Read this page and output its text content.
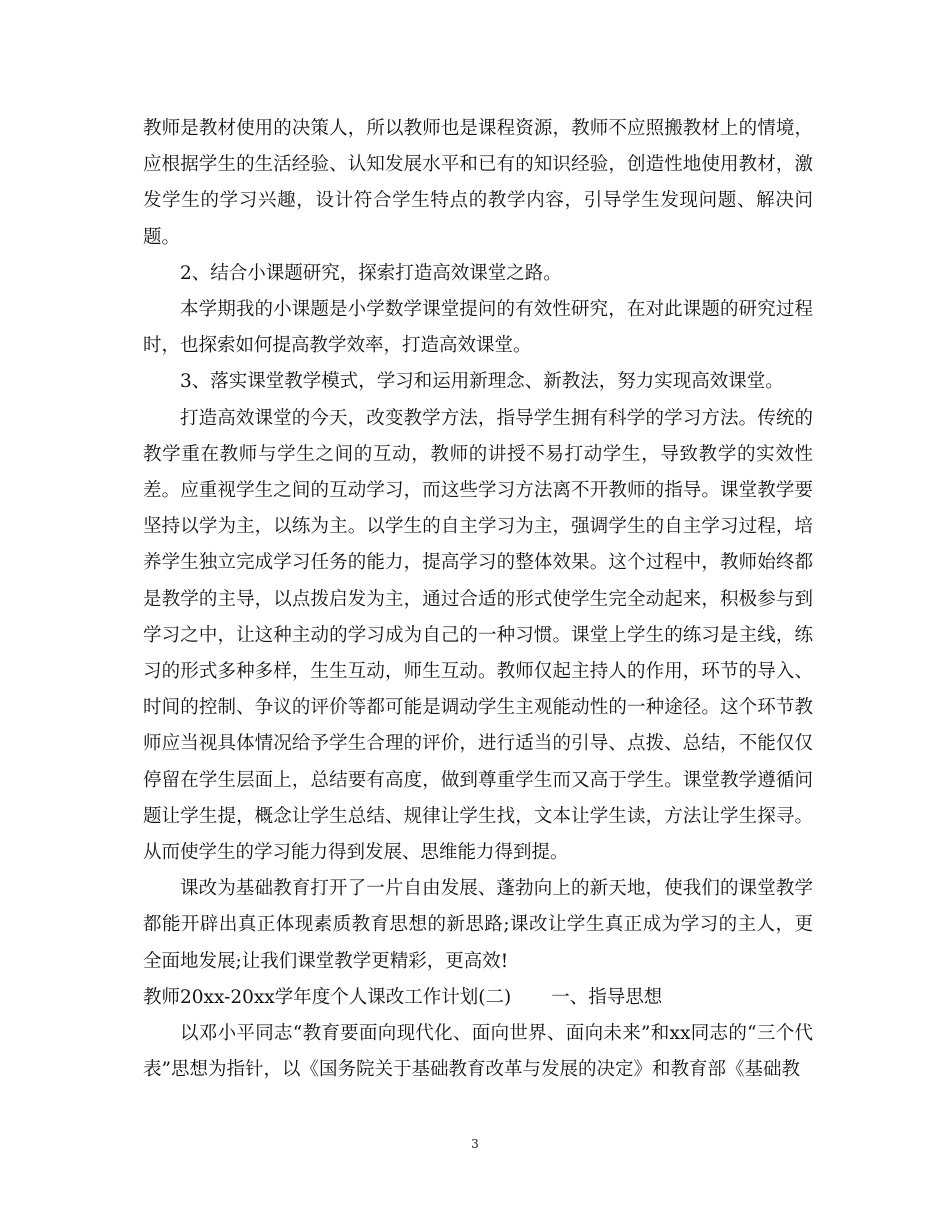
教师是教材使用的决策人，所以教师也是课程资源，教师不应照搬教材上的情境，应根据学生的生活经验、认知发展水平和已有的知识经验，创造性地使用教材，激发学生的学习兴趣，设计符合学生特点的教学内容，引导学生发现问题、解决问题。

2、结合小课题研究，探索打造高效课堂之路。

本学期我的小课题是小学数学课堂提问的有效性研究，在对此课题的研究过程时，也探索如何提高教学效率，打造高效课堂。

3、落实课堂教学模式，学习和运用新理念、新教法，努力实现高效课堂。

打造高效课堂的今天，改变教学方法，指导学生拥有科学的学习方法。传统的教学重在教师与学生之间的互动，教师的讲授不易打动学生，导致教学的实效性差。应重视学生之间的互动学习，而这些学习方法离不开教师的指导。课堂教学要坚持以学为主，以练为主。以学生的自主学习为主，强调学生的自主学习过程，培养学生独立完成学习任务的能力，提高学习的整体效果。这个过程中，教师始终都是教学的主导，以点拨启发为主，通过合适的形式使学生完全动起来，积极参与到学习之中，让这种主动的学习成为自己的一种习惯。课堂上学生的练习是主线，练习的形式多种多样，生生互动，师生互动。教师仅起主持人的作用，环节的导入、时间的控制、争议的评价等都可能是调动学生主观能动性的一种途径。这个环节教师应当视具体情况给予学生合理的评价，进行适当的引导、点拨、总结，不能仅仅停留在学生层面上，总结要有高度，做到尊重学生而又高于学生。课堂教学遵循问题让学生提，概念让学生总结、规律让学生找，文本让学生读，方法让学生探寻。从而使学生的学习能力得到发展、思维能力得到提。

课改为基础教育打开了一片自由发展、蓬勃向上的新天地，使我们的课堂教学都能开辟出真正体现素质教育思想的新思路;课改让学生真正成为学习的主人，更全面地发展;让我们课堂教学更精彩，更高效!

教师20xx-20xx学年度个人课改工作计划(二) 一、指导思想

以邓小平同志“教育要面向现代化、面向世界、面向未来”和xx同志的“三个代表”思想为指针，以《国务院关于基础教育改革与发展的决定》和教育部《基础教

3
